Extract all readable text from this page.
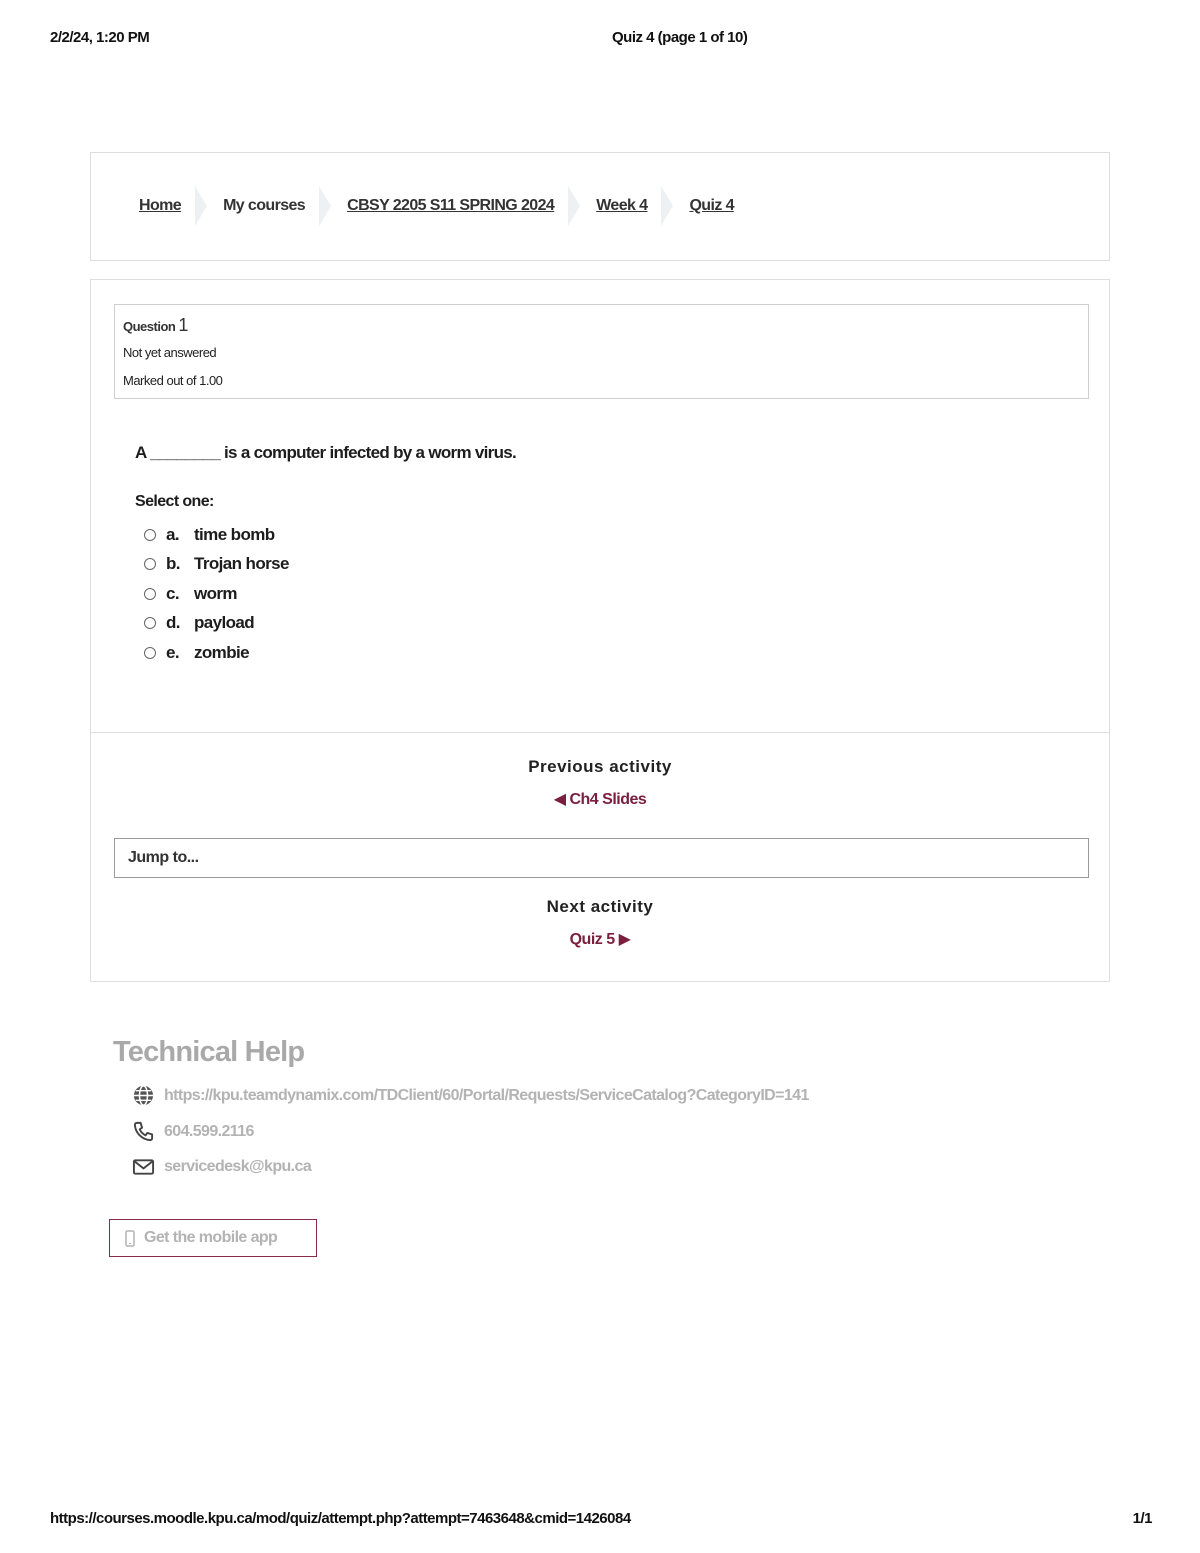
2/2/24, 1:20 PM	Quiz 4 (page 1 of 10)
Home	My courses	CBSY 2205 S11 SPRING 2024	Week 4	Quiz 4
Question 1
Not yet answered
Marked out of 1.00
A ________ is a computer infected by a worm virus.
Select one:
a. time bomb
b. Trojan horse
c. worm
d. payload
e. zombie
Previous activity
◀ Ch4 Slides
Jump to...
Next activity
Quiz 5 ▶
Technical Help
https://kpu.teamdynamix.com/TDClient/60/Portal/Requests/ServiceCatalog?CategoryID=141
604.599.2116
servicedesk@kpu.ca
Get the mobile app
https://courses.moodle.kpu.ca/mod/quiz/attempt.php?attempt=7463648&cmid=1426084	1/1
